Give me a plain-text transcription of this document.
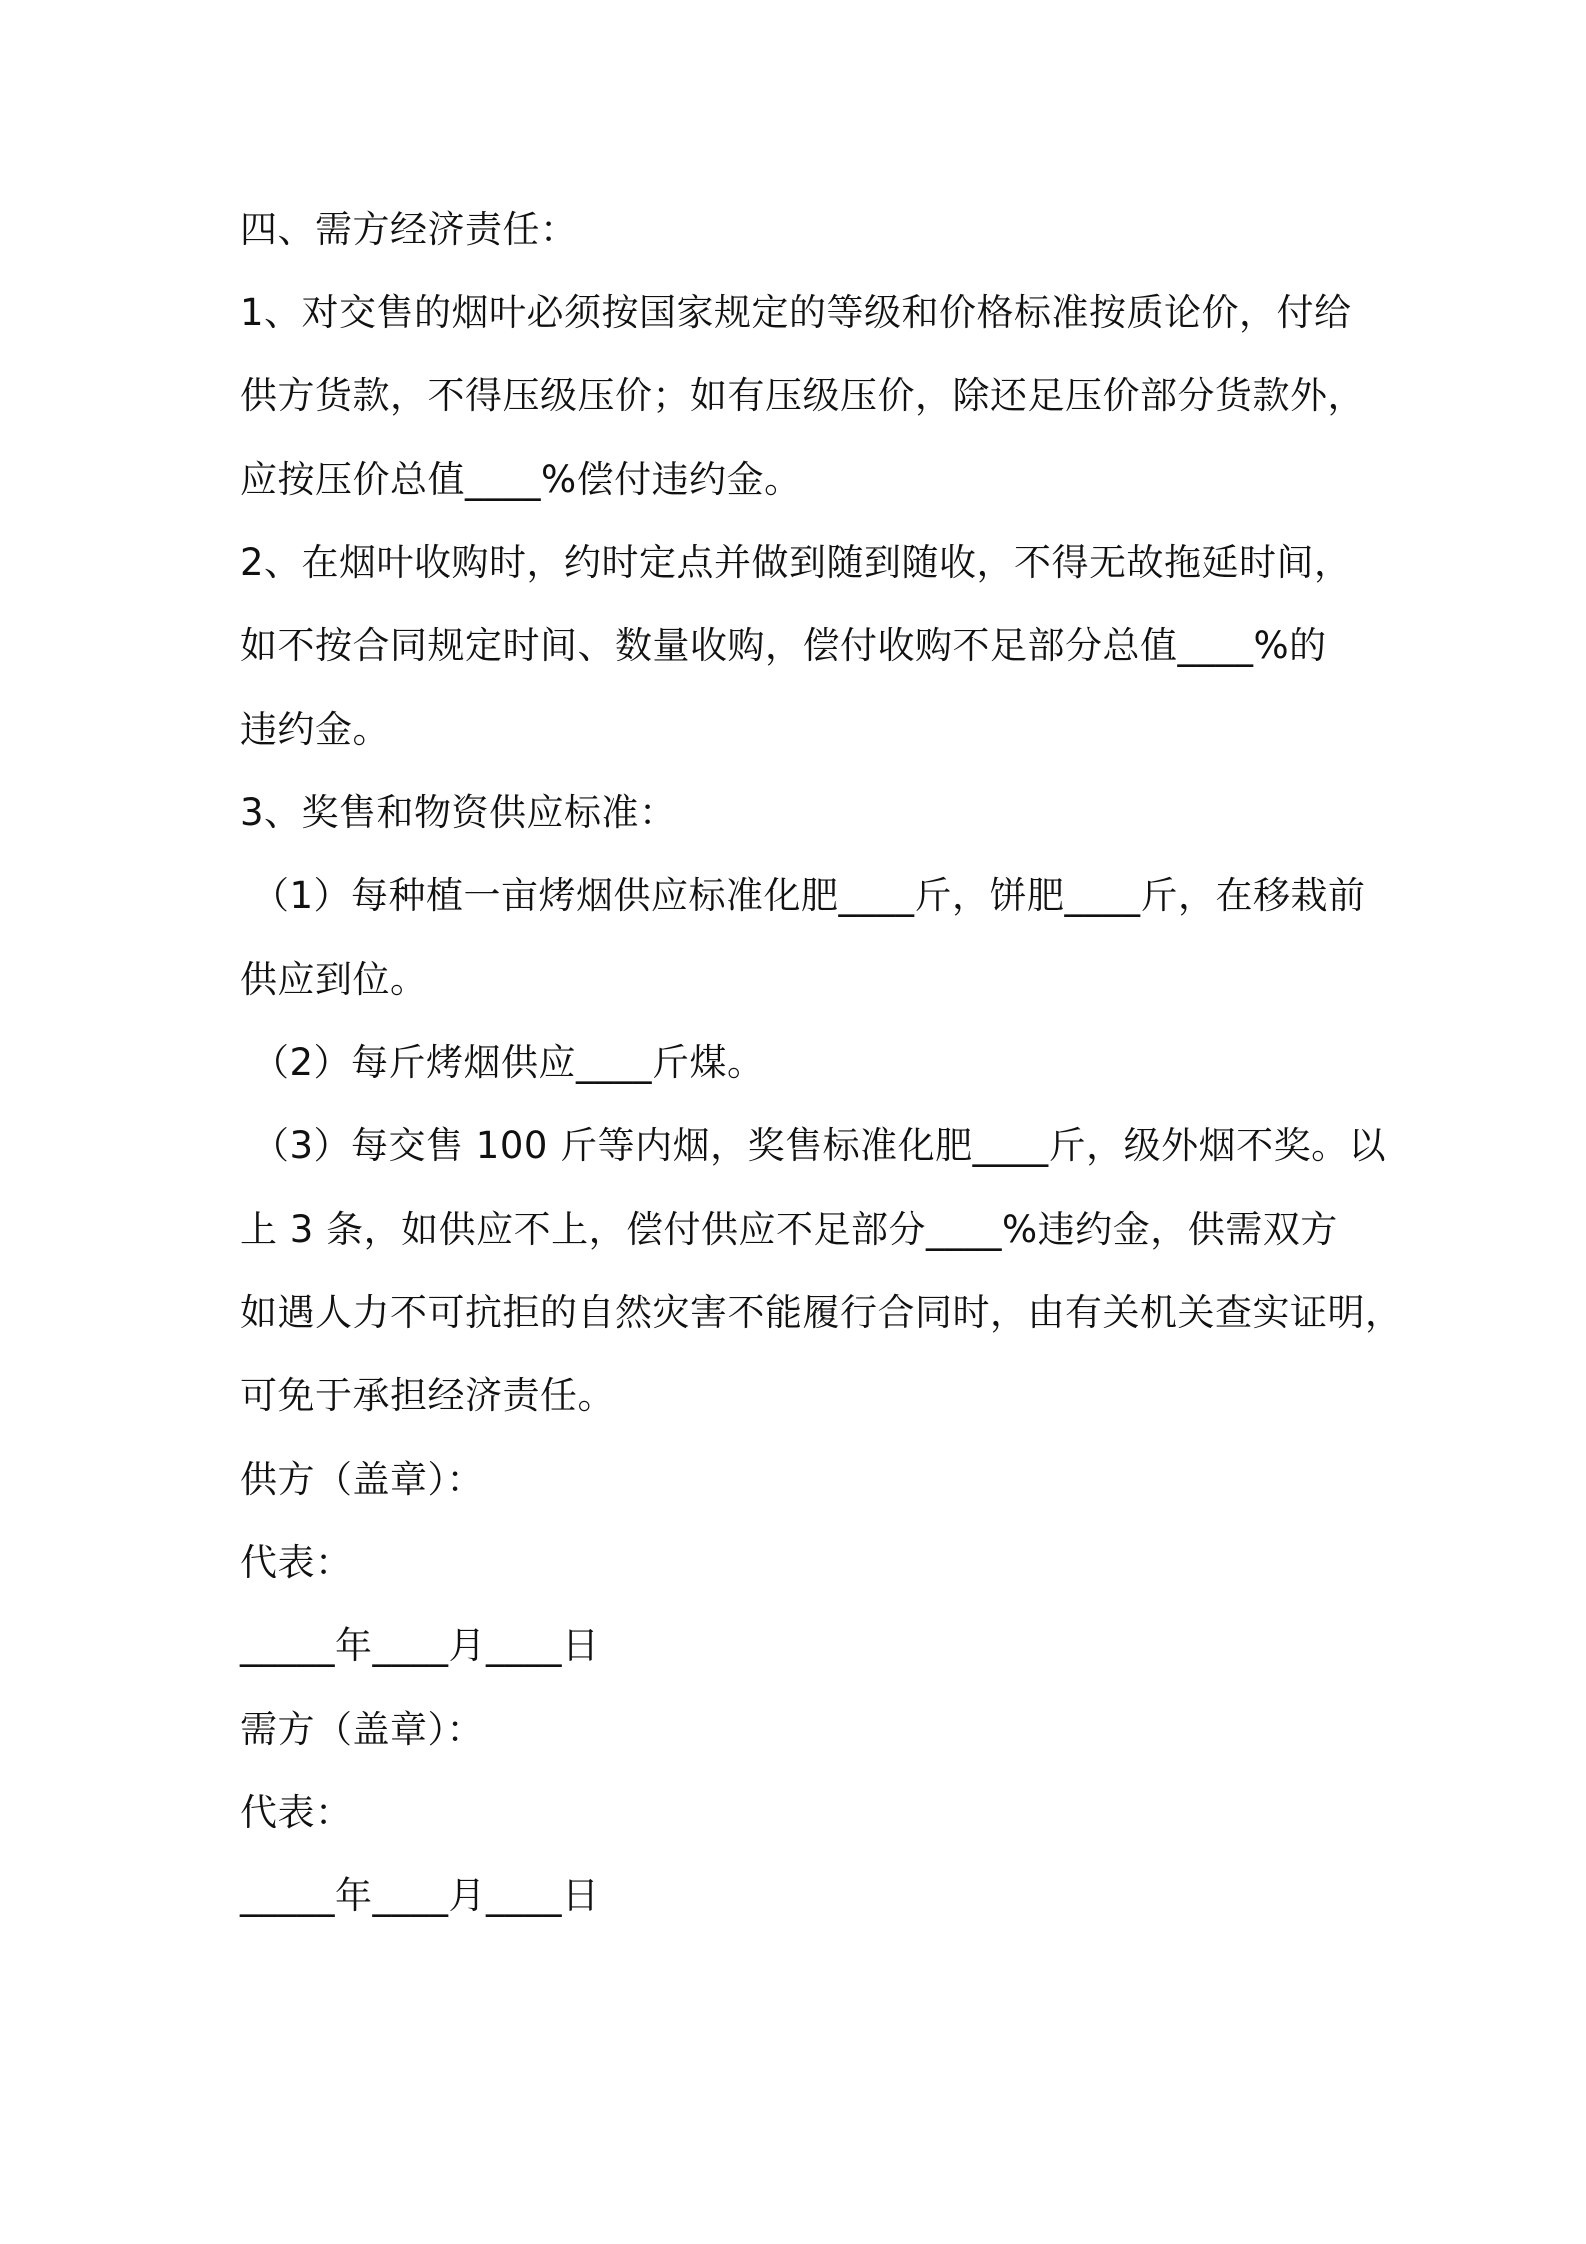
四、需方经济责任：
1、对交售的烟叶必须按国家规定的等级和价格标准按质论价，付给
供方货款，不得压级压价；如有压级压价，除还足压价部分货款外，
应按压价总值____%偿付违约金。
2、在烟叶收购时，约时定点并做到随到随收，不得无故拖延时间，
如不按合同规定时间、数量收购，偿付收购不足部分总值____%的
违约金。
3、奖售和物资供应标准：
（1）每种植一亩烤烟供应标准化肥____斤，饼肥____斤，在移栽前
供应到位。
（2）每斤烤烟供应____斤煤。
（3）每交售 100 斤等内烟，奖售标准化肥____斤，级外烟不奖。以
上 3 条，如供应不上，偿付供应不足部分____%违约金，供需双方
如遇人力不可抗拒的自然灾害不能履行合同时，由有关机关查实证明，
可免于承担经济责任。
供方（盖章）：
代表：
_____年____月____日
需方（盖章）：
代表：
_____年____月____日
